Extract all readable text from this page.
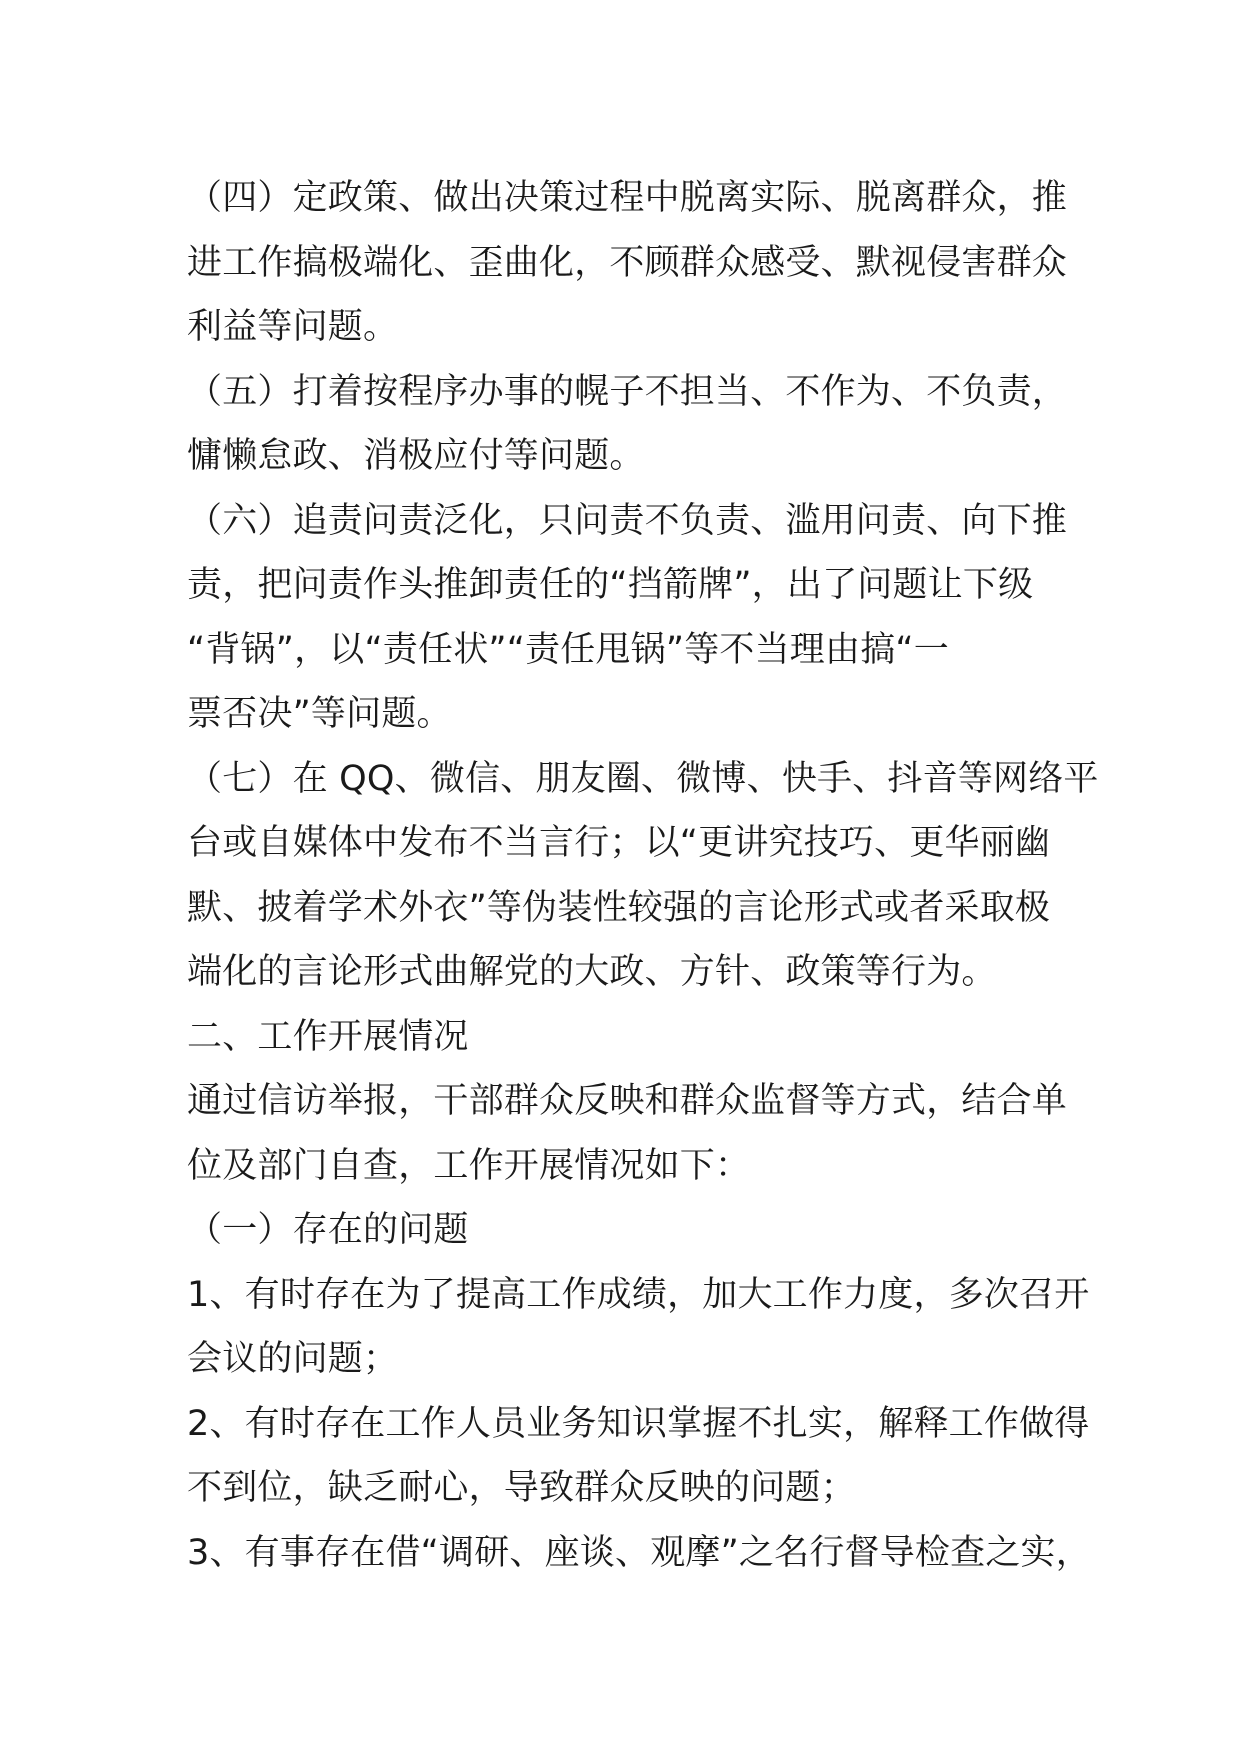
（四）定政策、做出决策过程中脱离实际、脱离群众，推
进工作搞极端化、歪曲化，不顾群众感受、默视侵害群众
利益等问题。
（五）打着按程序办事的幌子不担当、不作为、不负责，
慵懒怠政、消极应付等问题。
（六）追责问责泛化，只问责不负责、滥用问责、向下推
责，把问责作头推卸责任的“挡箭牌”，出了问题让下级
“背锅”，以“责任状”“责任甩锅”等不当理由搞“一
票否决”等问题。
（七）在 QQ、微信、朋友圈、微博、快手、抖音等网络平
台或自媒体中发布不当言行；以“更讲究技巧、更华丽幽
默、披着学术外衣”等伪装性较强的言论形式或者采取极
端化的言论形式曲解党的大政、方针、政策等行为。
二、工作开展情况
通过信访举报，干部群众反映和群众监督等方式，结合单
位及部门自查，工作开展情况如下：
（一）存在的问题
1、有时存在为了提高工作成绩，加大工作力度，多次召开
会议的问题；
2、有时存在工作人员业务知识掌握不扎实，解释工作做得
不到位，缺乏耐心，导致群众反映的问题；
3、有事存在借“调研、座谈、观摩”之名行督导检查之实，
